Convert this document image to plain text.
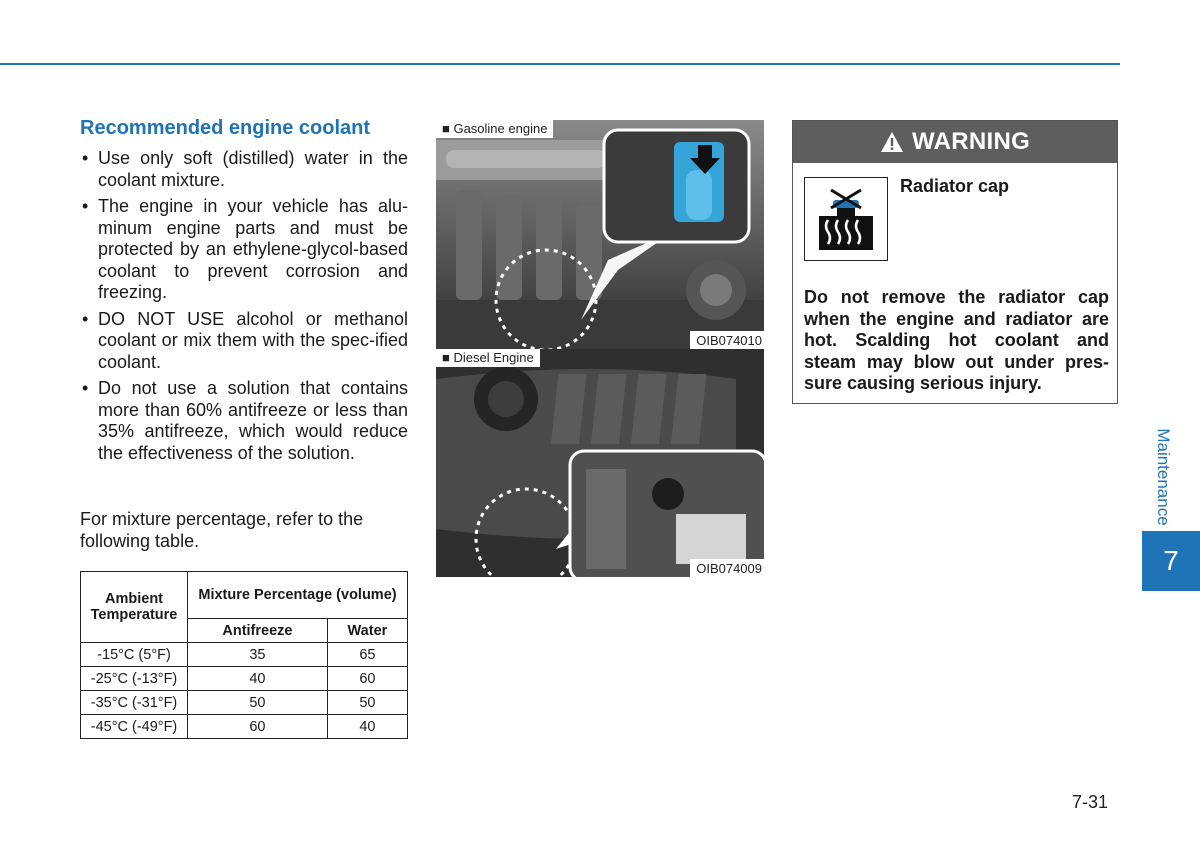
Recommended engine coolant
• Use only soft (distilled) water in the coolant mixture.
• The engine in your vehicle has alu-minum engine parts and must be protected by an ethylene-glycol-based coolant to prevent corrosion and freezing.
• DO NOT USE alcohol or methanol coolant or mix them with the spec-ified coolant.
• Do not use a solution that contains more than 60% antifreeze or less than 35% antifreeze, which would reduce the effectiveness of the solution.

For mixture percentage, refer to the following table.

Ambient Temperature	Mixture Percentage (volume)	
	Antifreeze	Water
-15°C (5°F)	35	65
-25°C (-13°F)	40	60
-35°C (-31°F)	50	50
-45°C (-49°F)	60	40
■ Gasoline engine
OIB074010
■ Diesel Engine
OIB074009
WARNING

Radiator cap

Do not remove the radiator cap when the engine and radiator are hot. Scalding hot coolant and steam may blow out under pres-sure causing serious injury.

Maintenance
7
7-31
